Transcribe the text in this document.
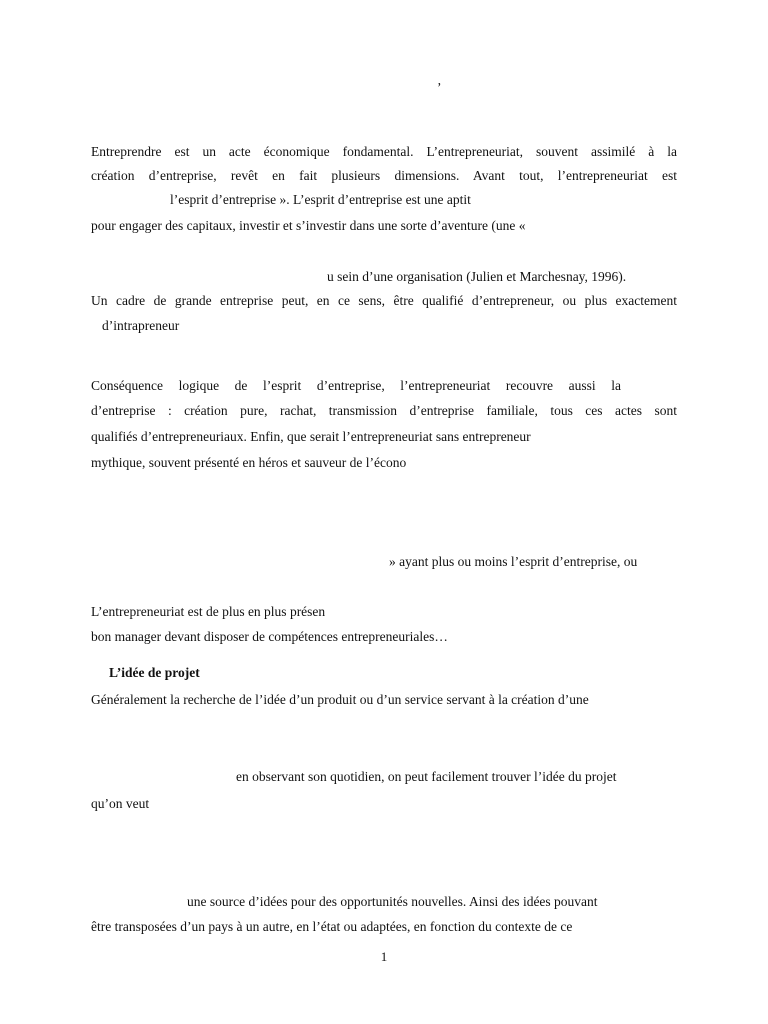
’
Entreprendre est un acte économique fondamental. L’entrepreneuriat, souvent assimilé à la
création d’entreprise, revêt en fait plusieurs dimensions. Avant tout, l’entrepreneuriat est
l’esprit d’entreprise ». L’esprit d’entreprise est une aptit
pour engager des capitaux, investir et s’investir dans une sorte d’aventure (une «
u sein d’une organisation (Julien et Marchesnay, 1996).
Un cadre de grande entreprise peut, en ce sens, être qualifié d’entrepreneur, ou plus exactement
d’intrapreneur
Conséquence logique de l’esprit d’entreprise, l’entrepreneuriat recouvre aussi la
d’entreprise : création pure, rachat, transmission d’entreprise familiale, tous ces actes sont
qualifiés d’entrepreneuriaux. Enfin, que serait l’entrepreneuriat sans entrepreneur
mythique, souvent présenté en héros et sauveur de l’écono
» ayant plus ou moins l’esprit d’entreprise, ou
L’entrepreneuriat est de plus en plus présen
bon manager devant disposer de compétences entrepreneuriales…
L’idée de projet
Généralement la recherche de l’idée d’un produit ou d’un service servant à la création d’une
en observant son quotidien, on peut facilement trouver l’idée du projet
qu’on veut
une source d’idées pour des opportunités nouvelles. Ainsi des idées pouvant
être transposées d’un pays à un autre, en l’état ou adaptées, en fonction du contexte de ce
1
